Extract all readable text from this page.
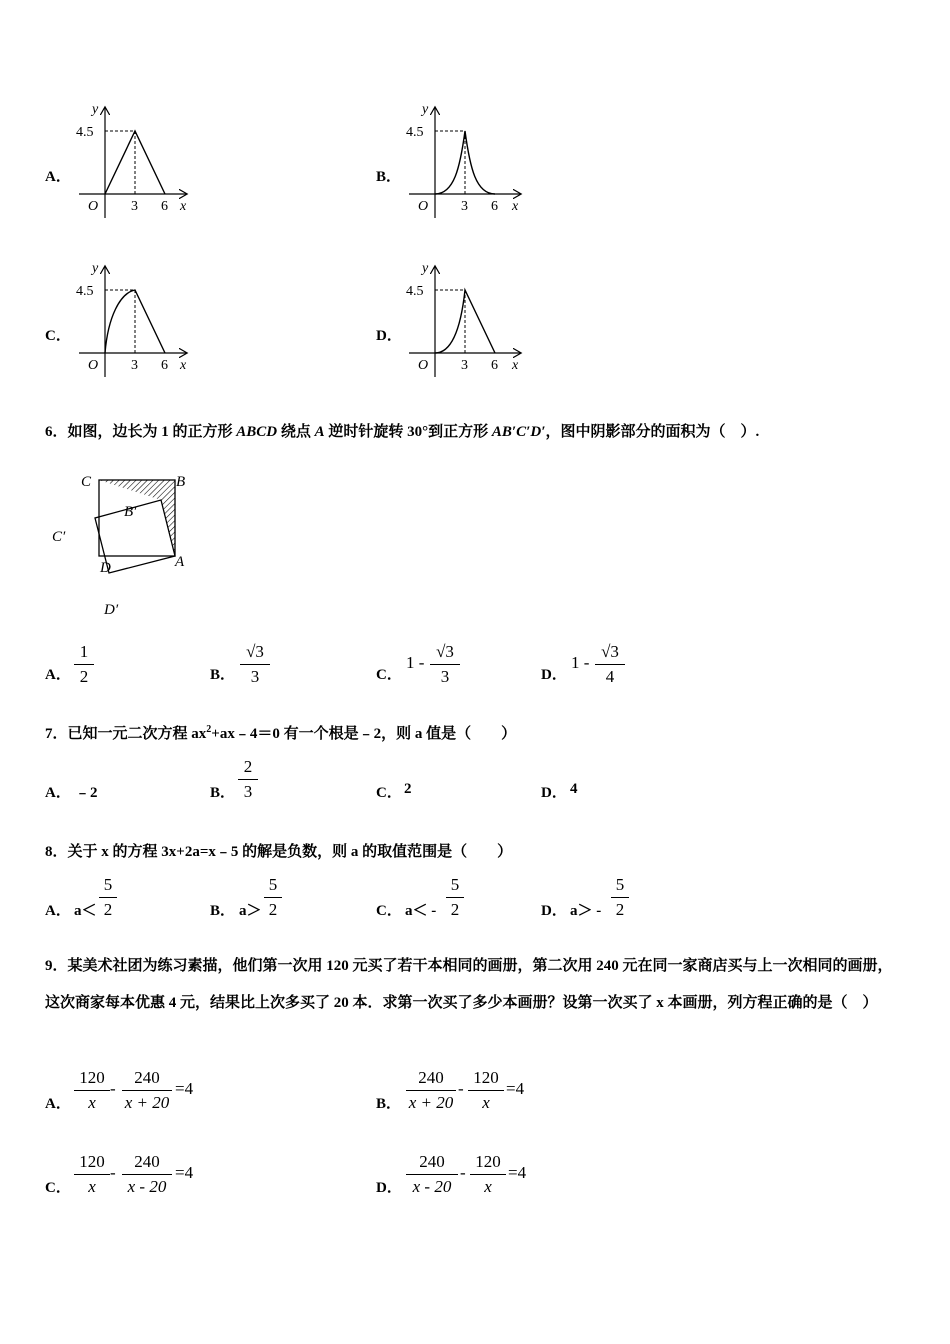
A．
y
4.5
O 3 6 x
B．
y
4.5
O 3 6 x
C．
y
4.5
O 3 6 x
D．
y
4.5
O 3 6 x
6．如图，边长为 1 的正方形 ABCD 绕点 A 逆时针旋转 30°到正方形 AB′C′D′，图中阴影部分的面积为（　）.
C	B
B′
C′
D	A
D′
A．
1
2	B．
√3
3	C．
1 -
√3
3	D．
1 -
√3
4
7．已知一元二次方程 $ax^2+ax﹣4=0$ 有一个根是﹣2，则 a 值是（　　）
A． ﹣2	B．
2
3	C． 2	D． 4
8．关于 x 的方程 3x+2a=x﹣5 的解是负数，则 a 的取值范围是（　　）
A． a＜
5
2	B． a＞
5
2	C． a＜ -
5
2	D． a＞ -
5
2
9．某美术社团为练习素描，他们第一次用 120 元买了若干本相同的画册，第二次用 240 元在同一家商店买与上一次相同的画册，这次商家每本优惠 4 元，结果比上次多买了 20 本．求第一次买了多少本画册？设第一次买了 x 本画册，列方程正确的是（　）
A．
120
x
-
240
x + 20
=4
B．
240
x + 20
-
120
x
=4
C．
120
x
-
240
x - 20
=4
D．
240
x - 20
-
120
x
=4
